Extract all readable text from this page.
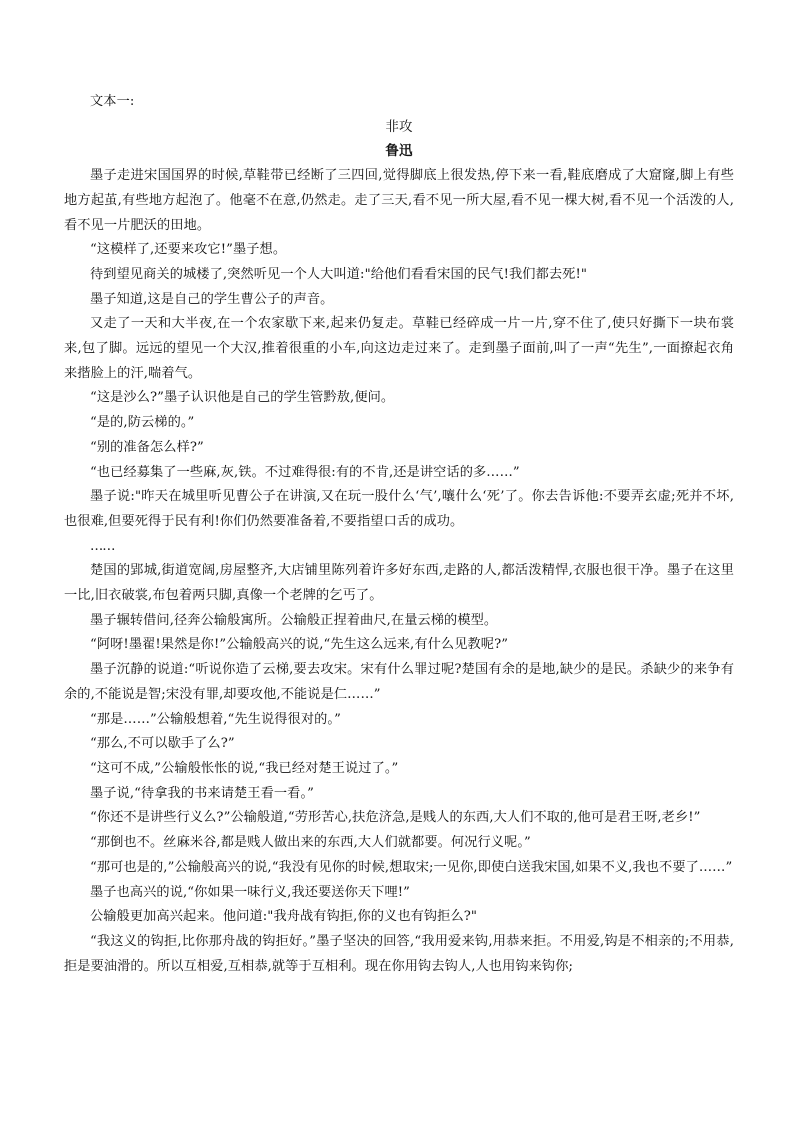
文本一:
非攻
鲁迅

墨子走进宋国国界的时候,草鞋带已经断了三四回,觉得脚底上很发热,停下来一看,鞋底磨成了大窟窿,脚上有些地方起茧,有些地方起泡了。他毫不在意,仍然走。走了三天,看不见一所大屋,看不见一棵大树,看不见一个活泼的人,看不见一片肥沃的田地。

“这模样了,还要来攻它!”墨子想。

待到望见商关的城楼了,突然听见一个人大叫道:"给他们看看宋国的民气!我们都去死!"

墨子知道,这是自己的学生曹公子的声音。

又走了一天和大半夜,在一个农家歇下来,起来仍复走。草鞋已经碎成一片一片,穿不住了,使只好撕下一块布裳来,包了脚。远远的望见一个大汉,推着很重的小车,向这边走过来了。走到墨子面前,叫了一声“先生”,一面撩起衣角来揩脸上的汗,喘着气。

“这是沙么?”墨子认识他是自己的学生管黔敖,便问。

“是的,防云梯的。”

“别的准备怎么样?”

“也已经募集了一些麻,灰,铁。不过难得很:有的不肯,还是讲空话的多……”

墨子说:"昨天在城里听见曹公子在讲演,又在玩一股什么‘气’,嚷什么‘死’了。你去告诉他:不要弄玄虚;死并不坏,也很难,但要死得于民有利!你们仍然要准备着,不要指望口舌的成功。

……

楚国的郢城,街道宽阔,房屋整齐,大店铺里陈列着许多好东西,走路的人,都活泼精悍,衣服也很干净。墨子在这里一比,旧衣破裳,布包着两只脚,真像一个老牌的乞丐了。

墨子辗转借问,径奔公输般寓所。公输般正捏着曲尺,在量云梯的模型。

“阿呀!墨翟!果然是你!”公输般高兴的说,“先生这么远来,有什么见教呢?”

墨子沉静的说道:“听说你造了云梯,要去攻宋。宋有什么罪过呢?楚国有余的是地,缺少的是民。杀缺少的来争有余的,不能说是智;宋没有罪,却要攻他,不能说是仁……”

“那是……”公输般想着,“先生说得很对的。”

“那么,不可以歇手了么?”

“这可不成,”公输般怅怅的说,“我已经对楚王说过了。”

墨子说,“待拿我的书来请楚王看一看。”

“你还不是讲些行义么?”公输般道,“劳形苦心,扶危济急,是贱人的东西,大人们不取的,他可是君王呀,老乡!”

“那倒也不。丝麻米谷,都是贱人做出来的东西,大人们就都要。何况行义呢。”

“那可也是的,”公输般高兴的说,“我没有见你的时候,想取宋;一见你,即使白送我宋国,如果不义,我也不要了……”

墨子也高兴的说,“你如果一味行义,我还要送你天下哩!”

公输般更加高兴起来。他问道:"我舟战有钩拒,你的义也有钩拒么?"

“我这义的钩拒,比你那舟战的钩拒好。”墨子坚决的回答,“我用爱来钩,用恭来拒。不用爱,钩是不相亲的;不用恭,拒是要油滑的。所以互相爱,互相恭,就等于互相利。现在你用钩去钩人,人也用钩来钩你;
